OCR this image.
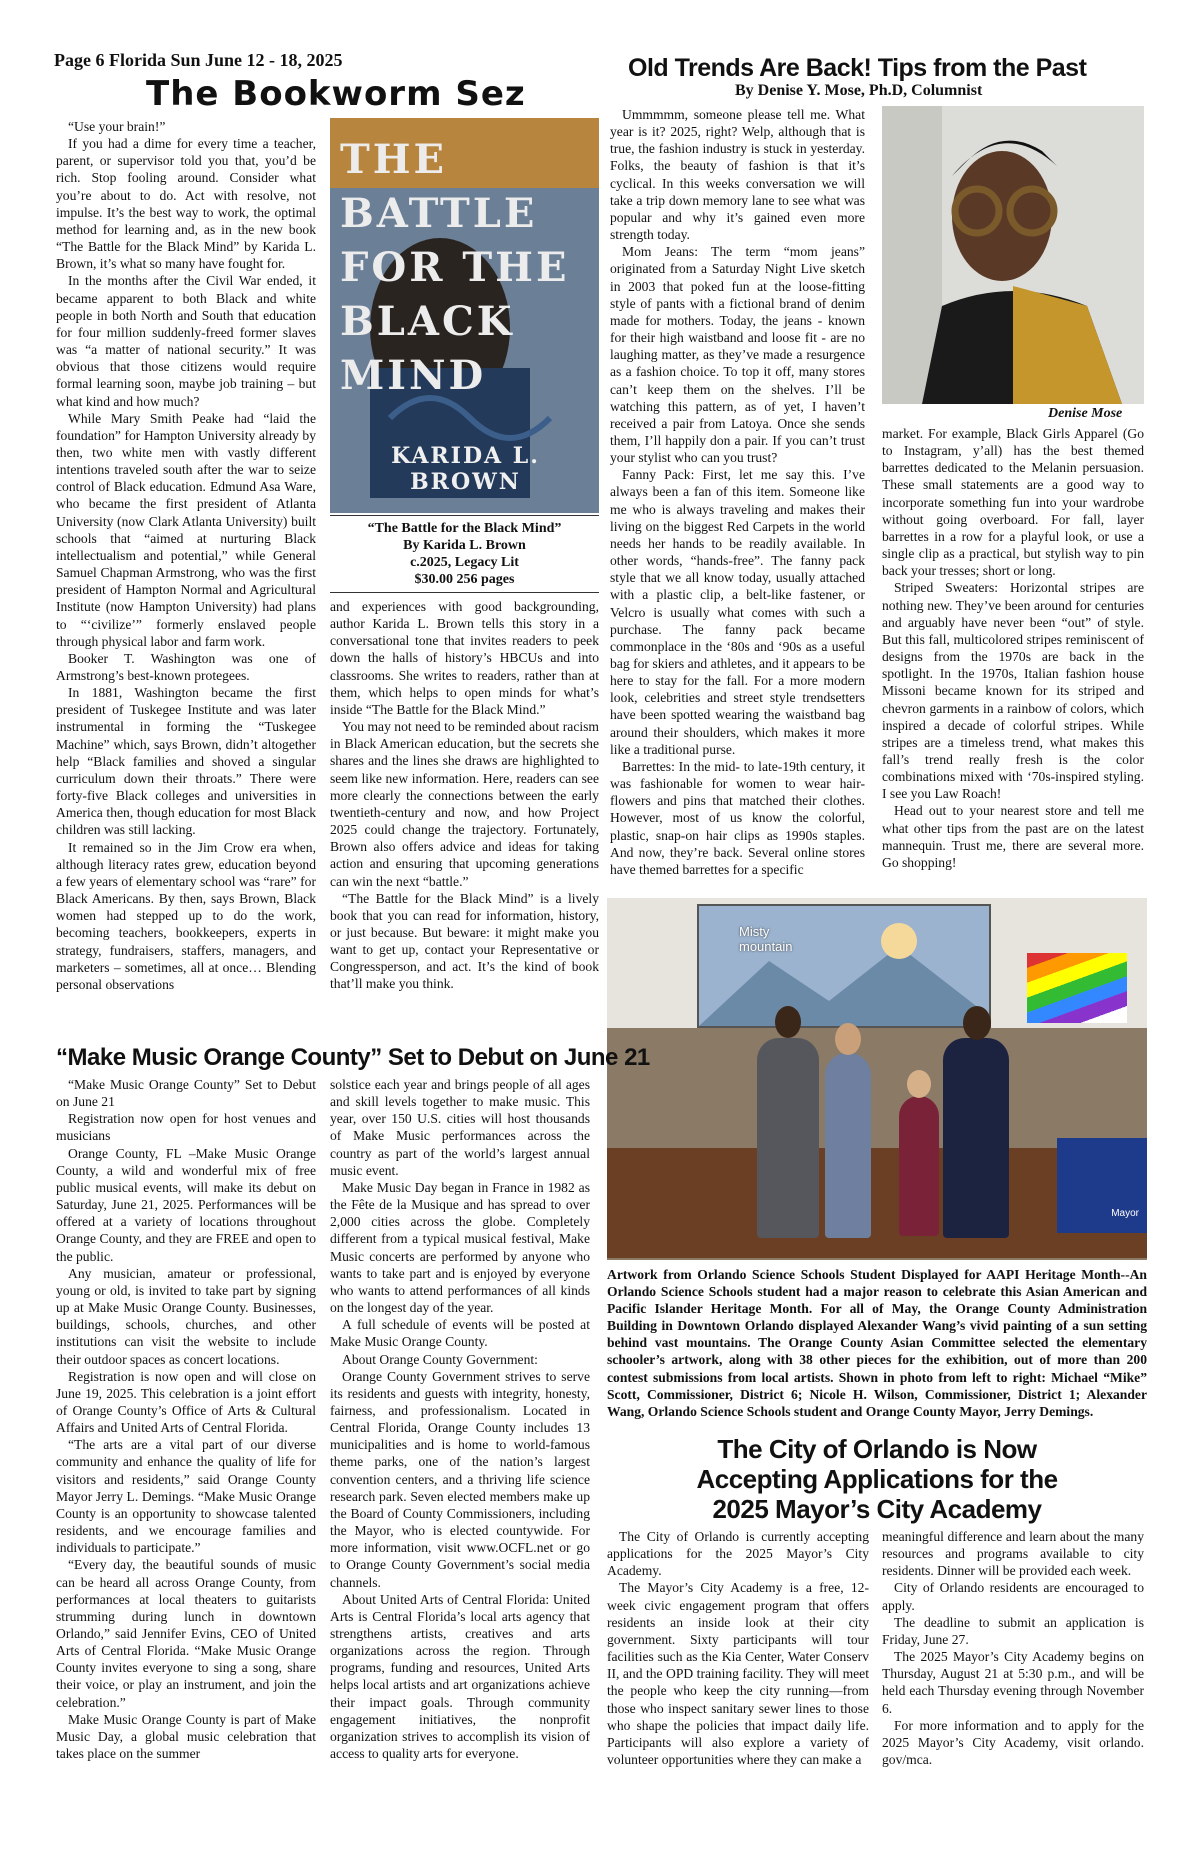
Page 6 Florida Sun June 12 - 18, 2025
The Bookworm Sez

“Use your brain!”

If you had a dime for every time a teacher, parent, or supervisor told you that, you’d be rich. Stop fooling around. Consider what you’re about to do. Act with resolve, not impulse. It’s the best way to work, the optimal method for learning and, as in the new book “The Battle for the Black Mind” by Karida L. Brown, it’s what so many have fought for.

In the months after the Civil War ended, it became apparent to both Black and white people in both North and South that education for four million suddenly-freed former slaves was “a matter of national security.” It was obvious that those citizens would require formal learning soon, maybe job training – but what kind and how much?

While Mary Smith Peake had “laid the foundation” for Hampton University already by then, two white men with vastly different intentions traveled south after the war to seize control of Black education. Edmund Asa Ware, who became the first president of Atlanta University (now Clark Atlanta University) built schools that “aimed at nurturing Black intellectualism and potential,” while General Samuel Chapman Armstrong, who was the first president of Hampton Normal and Agricultural Institute (now Hampton University) had plans to “‘civilize’” formerly enslaved people through physical labor and farm work.

Booker T. Washington was one of Armstrong’s best-known protegees.

In 1881, Washington became the first president of Tuskegee Institute and was later instrumental in forming the “Tuskegee Machine” which, says Brown, didn’t altogether help “Black families and shoved a singular curriculum down their throats.” There were forty-five Black colleges and universities in America then, though education for most Black children was still lacking.

It remained so in the Jim Crow era when, although literacy rates grew, education beyond a few years of elementary school was “rare” for Black Americans. By then, says Brown, Black women had stepped up to do the work, becoming teachers, bookkeepers, experts in strategy, fundraisers, staffers, managers, and marketers – sometimes, all at once… Blending personal observations

THE
BATTLE
FOR THE
BLACK
MIND
KARIDA L. BROWN
“The Battle for the Black Mind”
By Karida L. Brown
c.2025, Legacy Lit
$30.00 256 pages

and experiences with good backgrounding, author Karida L. Brown tells this story in a conversational tone that invites readers to peek down the halls of history’s HBCUs and into classrooms. She writes to readers, rather than at them, which helps to open minds for what’s inside “The Battle for the Black Mind.”

You may not need to be reminded about racism in Black American education, but the secrets she shares and the lines she draws are highlighted to seem like new information. Here, readers can see more clearly the connections between the early twentieth-century and now, and how Project 2025 could change the trajectory. Fortunately, Brown also offers advice and ideas for taking action and ensuring that upcoming generations can win the next “battle.”

“The Battle for the Black Mind” is a lively book that you can read for information, history, or just because. But beware: it might make you want to get up, contact your Representative or Congressperson, and act. It’s the kind of book that’ll make you think.

Old Trends Are Back! Tips from the Past
By Denise Y. Mose, Ph.D, Columnist

Ummmmm, someone please tell me. What year is it? 2025, right? Welp, although that is true, the fashion industry is stuck in yesterday. Folks, the beauty of fashion is that it’s cyclical. In this weeks conversation we will take a trip down memory lane to see what was popular and why it’s gained even more strength today.

Mom Jeans: The term “mom jeans” originated from a Saturday Night Live sketch in 2003 that poked fun at the loose-fitting style of pants with a fictional brand of denim made for mothers. Today, the jeans - known for their high waistband and loose fit - are no laughing matter, as they’ve made a resurgence as a fashion choice. To top it off, many stores can’t keep them on the shelves. I’ll be watching this pattern, as of yet, I haven’t received a pair from Latoya. Once she sends them, I’ll happily don a pair. If you can’t trust your stylist who can you trust?

Fanny Pack: First, let me say this. I’ve always been a fan of this item. Someone like me who is always traveling and makes their living on the biggest Red Carpets in the world needs her hands to be readily available. In other words, “hands-free”. The fanny pack style that we all know today, usually attached with a plastic clip, a belt-like fastener, or Velcro is usually what comes with such a purchase. The fanny pack became commonplace in the ‘80s and ‘90s as a useful bag for skiers and athletes, and it appears to be here to stay for the fall. For a more modern look, celebrities and street style trendsetters have been spotted wearing the waistband bag around their shoulders, which makes it more like a traditional purse.

Barrettes: In the mid- to late-19th century, it was fashionable for women to wear hair-flowers and pins that matched their clothes. However, most of us know the colorful, plastic, snap-on hair clips as 1990s staples. And now, they’re back. Several online stores have themed barrettes for a specific

Denise Mose

market. For example, Black Girls Apparel (Go to Instagram, y’all) has the best themed barrettes dedicated to the Melanin persuasion. These small statements are a good way to incorporate something fun into your wardrobe without going overboard. For fall, layer barrettes in a row for a playful look, or use a single clip as a practical, but stylish way to pin back your tresses; short or long.

Striped Sweaters: Horizontal stripes are nothing new. They’ve been around for centuries and arguably have never been “out” of style. But this fall, multicolored stripes reminiscent of designs from the 1970s are back in the spotlight. In the 1970s, Italian fashion house Missoni became known for its striped and chevron garments in a rainbow of colors, which inspired a decade of colorful stripes. While stripes are a timeless trend, what makes this fall’s trend really fresh is the color combinations mixed with ‘70s-inspired styling. I see you Law Roach!

Head out to your nearest store and tell me what other tips from the past are on the latest mannequin. Trust me, there are several more. Go shopping!

Misty
mountain
Mayor
Artwork from Orlando Science Schools Student Displayed for AAPI Heritage Month--An Orlando Science Schools student had a major reason to celebrate this Asian American and Pacific Islander Heritage Month. For all of May, the Orange County Administration Building in Downtown Orlando displayed Alexander Wang’s vivid painting of a sun setting behind vast mountains. The Orange County Asian Committee selected the elementary schooler’s artwork, along with 38 other pieces for the exhibition, out of more than 200 contest submissions from local artists. Shown in photo from left to right: Michael “Mike” Scott, Commissioner, District 6; Nicole H. Wilson, Commissioner, District 1; Alexander Wang, Orlando Science Schools student and Orange County Mayor, Jerry Demings.
“Make Music Orange County” Set to Debut on June 21

“Make Music Orange County” Set to Debut on June 21

Registration now open for host venues and musicians

Orange County, FL –Make Music Orange County, a wild and wonderful mix of free public musical events, will make its debut on Saturday, June 21, 2025. Performances will be offered at a variety of locations throughout Orange County, and they are FREE and open to the public.

Any musician, amateur or professional, young or old, is invited to take part by signing up at Make Music Orange County. Businesses, buildings, schools, churches, and other institutions can visit the website to include their outdoor spaces as concert locations.

Registration is now open and will close on June 19, 2025. This celebration is a joint effort of Orange County’s Office of Arts & Cultural Affairs and United Arts of Central Florida.

“The arts are a vital part of our diverse community and enhance the quality of life for visitors and residents,” said Orange County Mayor Jerry L. Demings. “Make Music Orange County is an opportunity to showcase talented residents, and we encourage families and individuals to participate.”

“Every day, the beautiful sounds of music can be heard all across Orange County, from performances at local theaters to guitarists strumming during lunch in downtown Orlando,” said Jennifer Evins, CEO of United Arts of Central Florida. “Make Music Orange County invites everyone to sing a song, share their voice, or play an instrument, and join the celebration.”

Make Music Orange County is part of Make Music Day, a global music celebration that takes place on the summer

solstice each year and brings people of all ages and skill levels together to make music. This year, over 150 U.S. cities will host thousands of Make Music performances across the country as part of the world’s largest annual music event.

Make Music Day began in France in 1982 as the Fête de la Musique and has spread to over 2,000 cities across the globe. Completely different from a typical musical festival, Make Music concerts are performed by anyone who wants to take part and is enjoyed by everyone who wants to attend performances of all kinds on the longest day of the year.

A full schedule of events will be posted at Make Music Orange County.

About Orange County Government:

Orange County Government strives to serve its residents and guests with integrity, honesty, fairness, and professionalism. Located in Central Florida, Orange County includes 13 municipalities and is home to world-famous theme parks, one of the nation’s largest convention centers, and a thriving life science research park. Seven elected members make up the Board of County Commissioners, including the Mayor, who is elected countywide. For more information, visit www.OCFL.net or go to Orange County Government’s social media channels.

About United Arts of Central Florida: United Arts is Central Florida’s local arts agency that strengthens artists, creatives and arts organizations across the region. Through programs, funding and resources, United Arts helps local artists and art organizations achieve their impact goals. Through community engagement initiatives, the nonprofit organization strives to accomplish its vision of access to quality arts for everyone.

The City of Orlando is Now
Accepting Applications for the
2025 Mayor’s City Academy

The City of Orlando is currently accepting applications for the 2025 Mayor’s City Academy.

The Mayor’s City Academy is a free, 12-week civic engagement program that offers residents an inside look at their city government. Sixty participants will tour facilities such as the Kia Center, Water Conserv II, and the OPD training facility. They will meet the people who keep the city running—from those who inspect sanitary sewer lines to those who shape the policies that impact daily life. Participants will also explore a variety of volunteer opportunities where they can make a

meaningful difference and learn about the many resources and programs available to city residents. Dinner will be provided each week.

City of Orlando residents are encouraged to apply.

The deadline to submit an application is Friday, June 27.

The 2025 Mayor’s City Academy begins on Thursday, August 21 at 5:30 p.m., and will be held each Thursday evening through November 6.

For more information and to apply for the 2025 Mayor’s City Academy, visit orlando. gov/mca.
